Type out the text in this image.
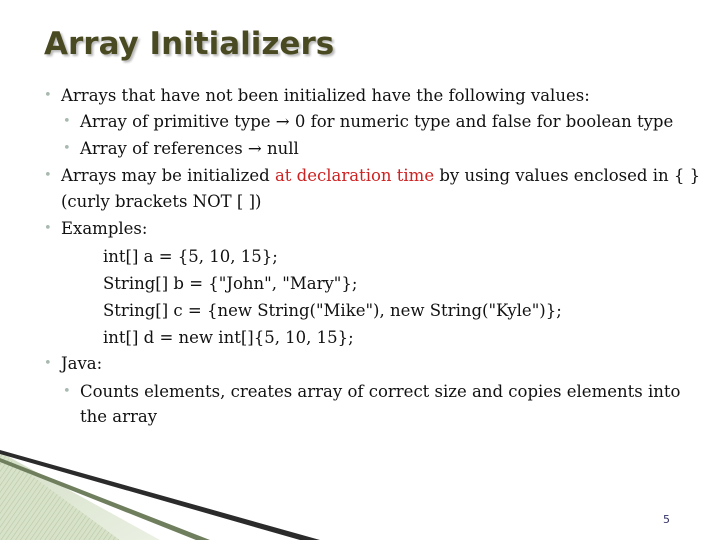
Array Initializers
• Arrays that have not been initialized have the following values:
• Array of primitive type → 0 for numeric type and false for boolean type
• Array of references → null
• Arrays may be initialized at declaration time by using values enclosed in { }
(curly brackets NOT [ ])
• Examples:
int[] a = {5, 10, 15};
String[] b = {"John", "Mary"};
String[] c = {new String("Mike"), new String("Kyle")};
int[] d = new int[]{5, 10, 15};
• Java:
• Counts elements, creates array of correct size and copies elements into
the array
5
